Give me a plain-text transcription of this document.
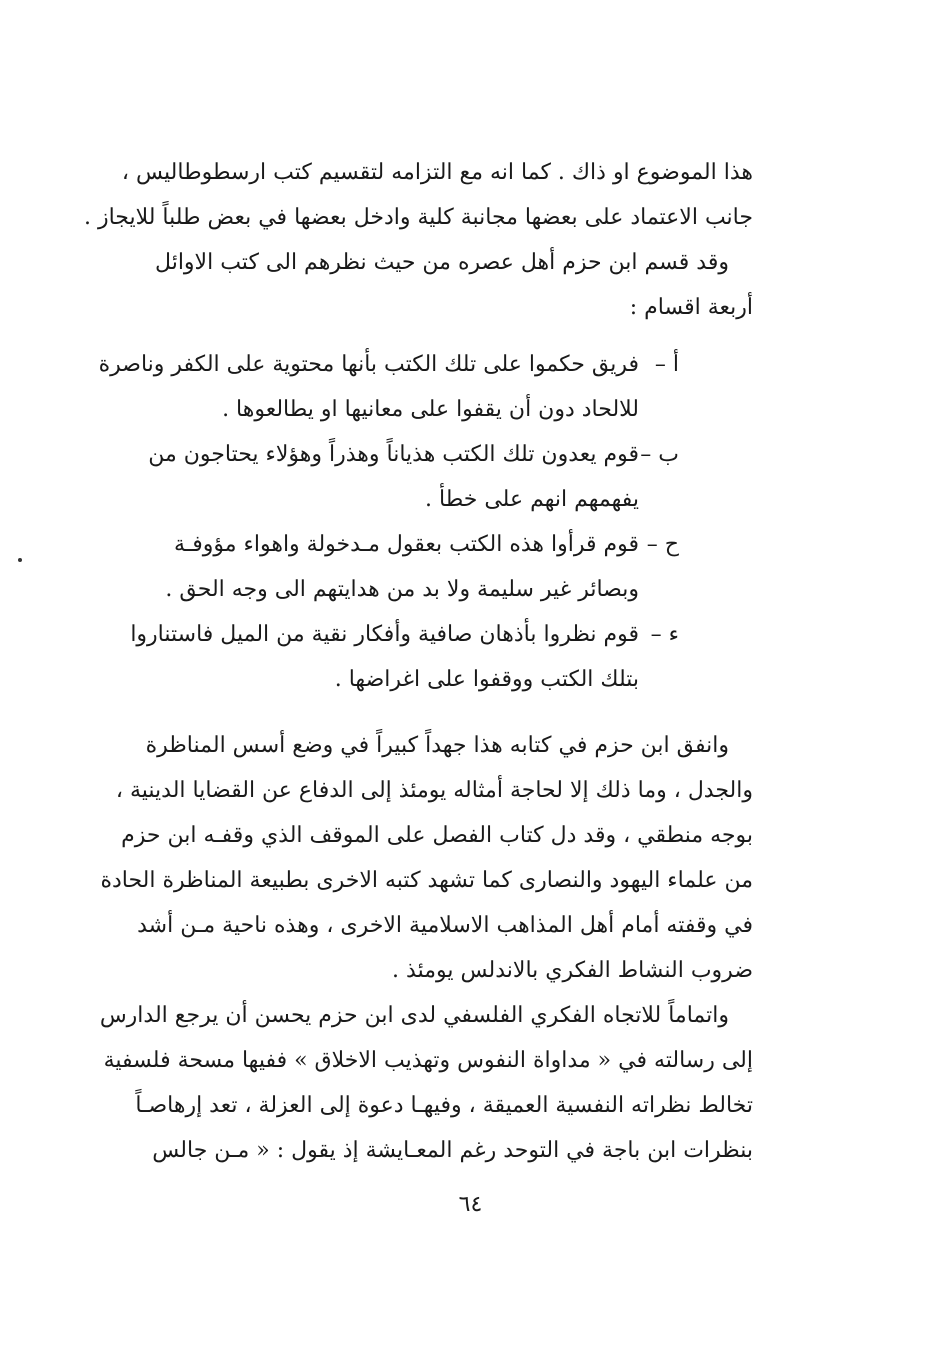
هذا الموضوع او ذاك . كما انه مع التزامه لتقسيم كتب ارسطوطاليس ،
جانب الاعتماد على بعضها مجانبة كلية وادخل بعضها في بعض طلباً للايجاز .
وقد قسم ابن حزم أهل عصره من حيث نظرهم الى كتب الاوائل
أربعة اقسام :
أ –
فريق حكموا على تلك الكتب بأنها محتوية على الكفر وناصرة
للالحاد دون أن يقفوا على معانيها او يطالعوها .
ب –
قوم يعدون تلك الكتب هذياناً وهذراً وهؤلاء يحتاجون من
يفهمهم انهم على خطأ .
ح –
قوم قرأوا هذه الكتب بعقول مـدخولة واهواء مؤوفـة
وبصائر غير سليمة ولا بد من هدايتهم الى وجه الحق .
ء –
قوم نظروا بأذهان صافية وأفكار نقية من الميل فاستناروا
بتلك الكتب ووقفوا على اغراضها .
وانفق ابن حزم في كتابه هذا جهداً كبيراً في وضع أسس المناظرة
والجدل ، وما ذلك إلا لحاجة أمثاله يومئذ إلى الدفاع عن القضايا الدينية ،
بوجه منطقي ، وقد دل كتاب الفصل على الموقف الذي وقفـه ابن حزم
من علماء اليهود والنصارى كما تشهد كتبه الاخرى بطبيعة المناظرة الحادة
في وقفته أمام أهل المذاهب الاسلامية الاخرى ، وهذه ناحية مـن أشد
ضروب النشاط الفكري بالاندلس يومئذ .
واتماماً للاتجاه الفكري الفلسفي لدى ابن حزم يحسن أن يرجع الدارس
إلى رسالته في « مداواة النفوس وتهذيب الاخلاق » ففيها مسحة فلسفية
تخالط نظراته النفسية العميقة ، وفيهـا دعوة إلى العزلة ، تعد إرهاصـاً
بنظرات ابن باجة في التوحد رغم المعـايشة إذ يقول : « مـن جالس
٦٤
